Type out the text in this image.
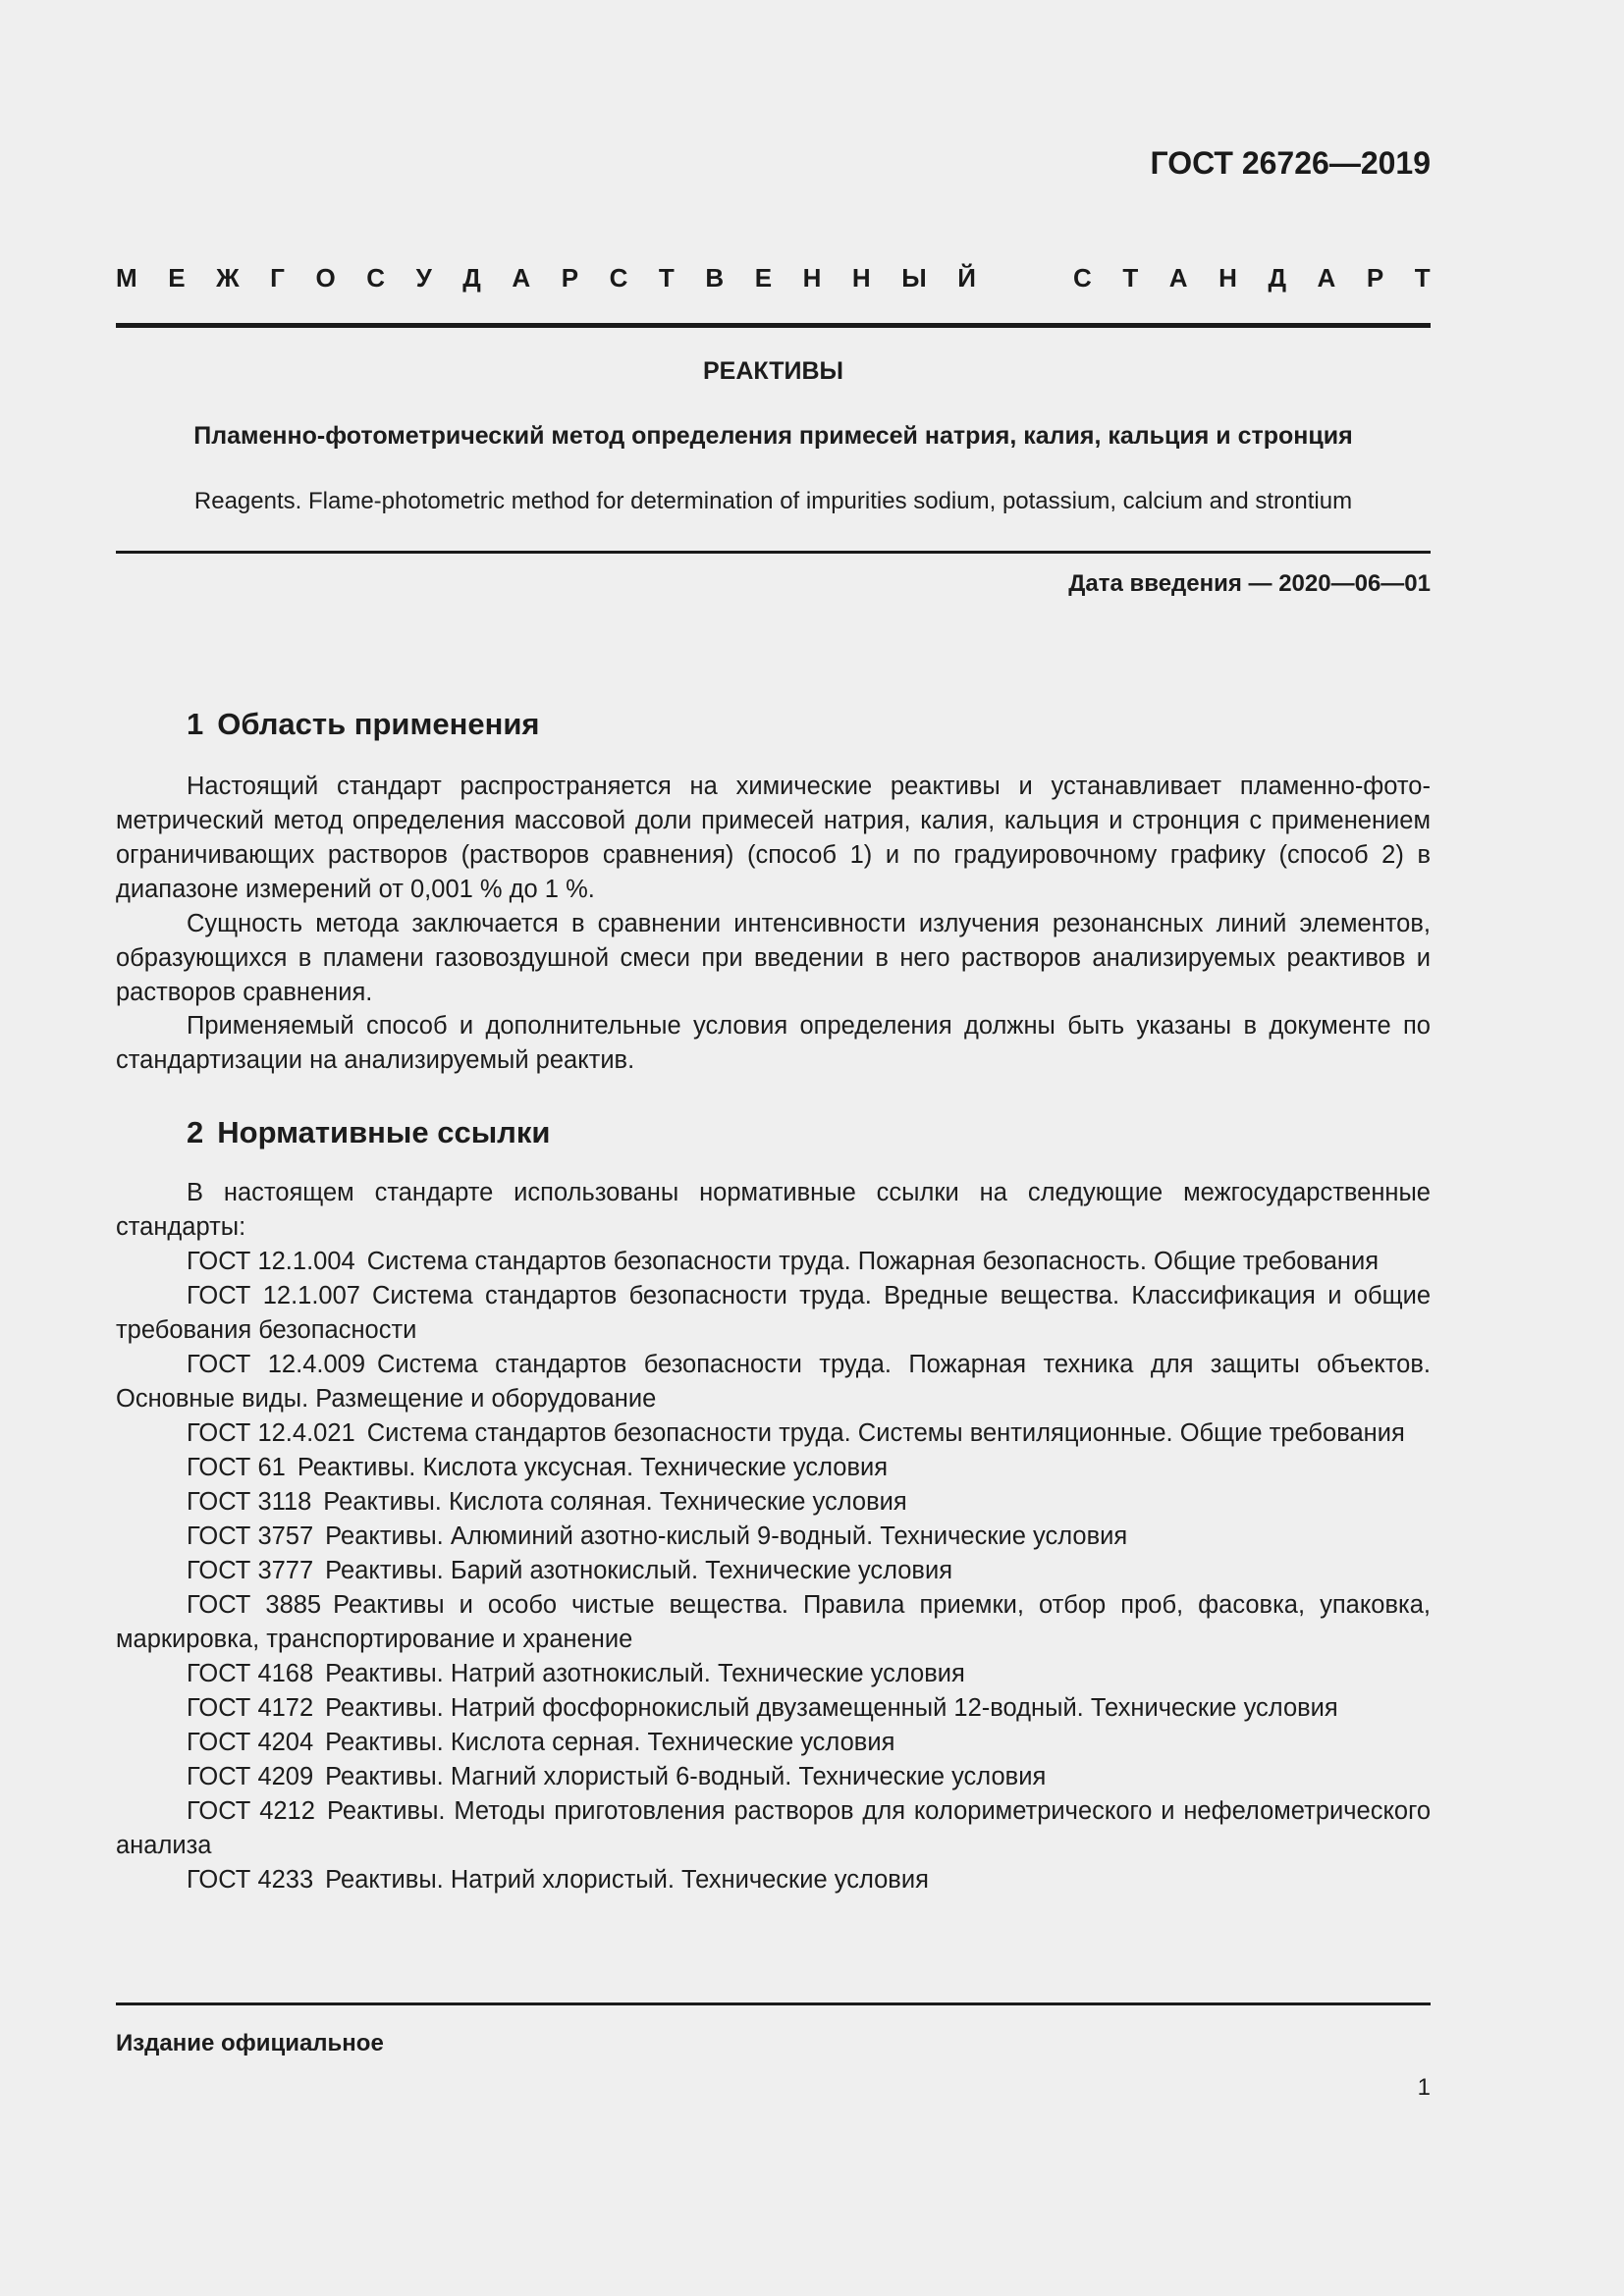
ГОСТ 26726—2019
М Е Ж Г О С У Д А Р С Т В Е Н Н Ы Й	С Т А Н Д А Р Т
РЕАКТИВЫ
Пламенно-фотометрический метод определения примесей натрия, калия, кальция и стронция
Reagents. Flame-photometric method for determination of impurities sodium, potassium, calcium and strontium
Дата введения — 2020—06—01
1 Область применения
Настоящий стандарт распространяется на химические реактивы и устанавливает пламенно-фотометрический метод определения массовой доли примесей натрия, калия, кальция и стронция с применением ограничивающих растворов (растворов сравнения) (способ 1) и по градуировочному графику (способ 2) в диапазоне измерений от 0,001 % до 1 %.
Сущность метода заключается в сравнении интенсивности излучения резонансных линий элементов, образующихся в пламени газовоздушной смеси при введении в него растворов анализируемых реактивов и растворов сравнения.
Применяемый способ и дополнительные условия определения должны быть указаны в документе по стандартизации на анализируемый реактив.
2 Нормативные ссылки
В настоящем стандарте использованы нормативные ссылки на следующие межгосударственные стандарты:
ГОСТ 12.1.004 Система стандартов безопасности труда. Пожарная безопасность. Общие требования
ГОСТ 12.1.007 Система стандартов безопасности труда. Вредные вещества. Классификация и общие требования безопасности
ГОСТ 12.4.009 Система стандартов безопасности труда. Пожарная техника для защиты объектов. Основные виды. Размещение и оборудование
ГОСТ 12.4.021 Система стандартов безопасности труда. Системы вентиляционные. Общие требования
ГОСТ 61 Реактивы. Кислота уксусная. Технические условия
ГОСТ 3118 Реактивы. Кислота соляная. Технические условия
ГОСТ 3757 Реактивы. Алюминий азотно-кислый 9-водный. Технические условия
ГОСТ 3777 Реактивы. Барий азотнокислый. Технические условия
ГОСТ 3885 Реактивы и особо чистые вещества. Правила приемки, отбор проб, фасовка, упаковка, маркировка, транспортирование и хранение
ГОСТ 4168 Реактивы. Натрий азотнокислый. Технические условия
ГОСТ 4172 Реактивы. Натрий фосфорнокислый двузамещенный 12-водный. Технические условия
ГОСТ 4204 Реактивы. Кислота серная. Технические условия
ГОСТ 4209 Реактивы. Магний хлористый 6-водный. Технические условия
ГОСТ 4212 Реактивы. Методы приготовления растворов для колориметрического и нефелометрического анализа
ГОСТ 4233 Реактивы. Натрий хлористый. Технические условия
Издание официальное
1
